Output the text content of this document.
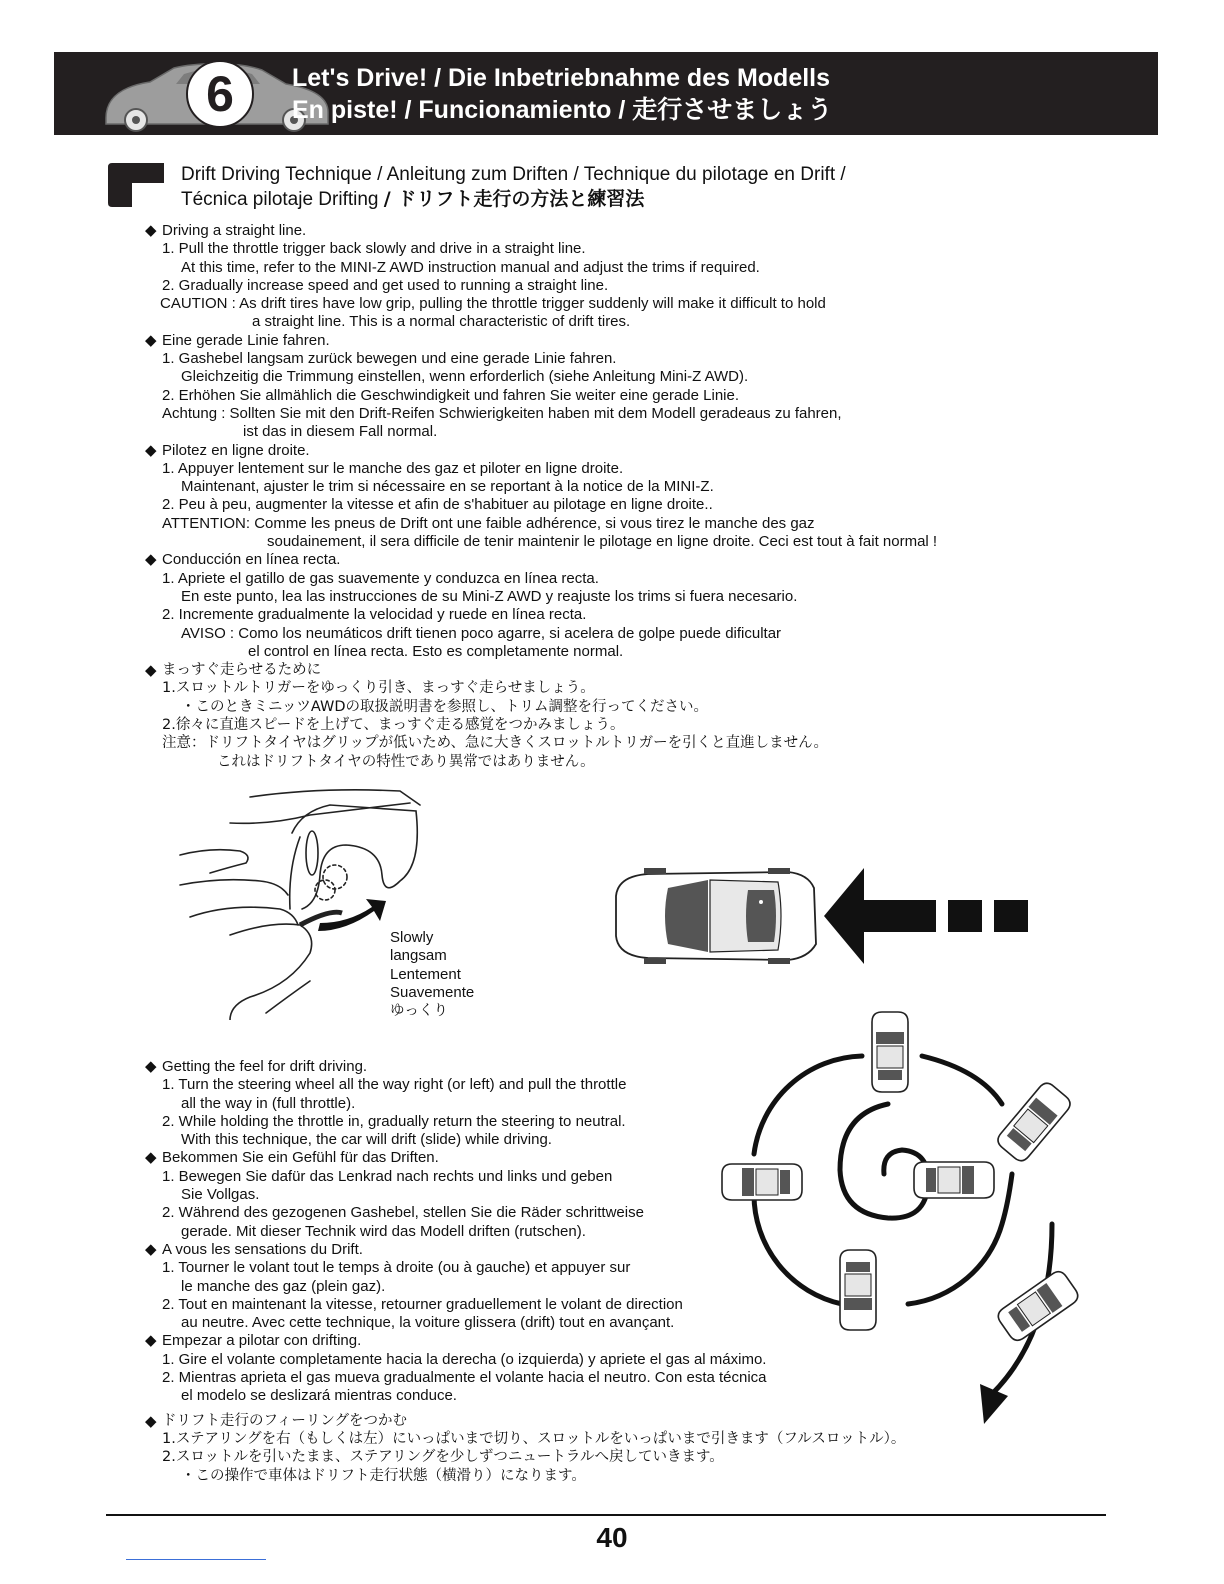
6 Let's Drive! / Die Inbetriebnahme des Modells
En piste! / Funcionamiento / 走行させましょう
Drift Driving Technique / Anleitung zum Driften / Technique du pilotage en Drift /
Técnica pilotaje Drifting / ドリフト走行の方法と練習法
◆ Driving a straight line.
1. Pull the throttle trigger back slowly and drive in a straight line.
At this time, refer to the MINI-Z AWD instruction manual and adjust the trims if required.
2. Gradually increase speed and get used to running a straight line.
CAUTION : As drift tires have low grip, pulling the throttle trigger suddenly will make it difficult to hold
a straight line. This is a normal characteristic of drift tires.
◆ Eine gerade Linie fahren.
1. Gashebel langsam zurück bewegen und eine gerade Linie fahren.
Gleichzeitig die Trimmung einstellen, wenn erforderlich (siehe Anleitung Mini-Z AWD).
2. Erhöhen Sie allmählich die Geschwindigkeit und fahren Sie weiter eine gerade Linie.
Achtung : Sollten Sie mit den Drift-Reifen Schwierigkeiten haben mit dem Modell geradeaus zu fahren,
ist das in diesem Fall normal.
◆ Pilotez en ligne droite.
1. Appuyer lentement sur le manche des gaz et piloter en ligne droite.
Maintenant, ajuster le trim si nécessaire en se reportant à la notice de la MINI-Z.
2. Peu à peu, augmenter la vitesse et afin de s'habituer au pilotage en ligne droite..
ATTENTION: Comme les pneus de Drift ont une faible adhérence, si vous tirez le manche des gaz
soudainement, il sera difficile de tenir maintenir le pilotage en ligne droite. Ceci est tout à fait normal !
◆ Conducción en línea recta.
1. Apriete el gatillo de gas suavemente y conduzca en línea recta.
En este punto, lea las instrucciones de su Mini-Z AWD y reajuste los trims si fuera necesario.
2. Incremente gradualmente la velocidad y ruede en línea recta.
AVISO : Como los neumáticos drift tienen poco agarre, si acelera de golpe puede dificultar
el control en línea recta. Esto es completamente normal.
◆ まっすぐ走らせるために
1.スロットルトリガーをゆっくり引き、まっすぐ走らせましょう。
・このときミニッツAWDの取扱説明書を参照し、トリム調整を行ってください。
2.徐々に直進スピードを上げて、まっすぐ走る感覚をつかみましょう。
注意：ドリフトタイヤはグリップが低いため、急に大きくスロットルトリガーを引くと直進しません。
これはドリフトタイヤの特性であり異常ではありません。
Slowly
langsam
Lentement
Suavemente
ゆっくり
◆ Getting the feel for drift driving.
1. Turn the steering wheel all the way right (or left) and pull the throttle
all the way in (full throttle).
2. While holding the throttle in, gradually return the steering to neutral.
With this technique, the car will drift (slide) while driving.
◆ Bekommen Sie ein Gefühl für das Driften.
1. Bewegen Sie dafür das Lenkrad nach rechts und links und geben
Sie Vollgas.
2. Während des gezogenen Gashebel, stellen Sie die Räder schrittweise
gerade. Mit dieser Technik wird das Modell driften (rutschen).
◆ A vous les sensations du Drift.
1. Tourner le volant tout le temps à droite (ou à gauche) et appuyer sur
le manche des gaz (plein gaz).
2. Tout en maintenant la vitesse, retourner graduellement le volant de direction
au neutre. Avec cette technique, la voiture glissera (drift) tout en avançant.
◆ Empezar a pilotar con drifting.
1. Gire el volante completamente hacia la derecha (o izquierda) y apriete el gas al máximo.
2. Mientras aprieta el gas mueva gradualmente el volante hacia el neutro. Con esta técnica
el modelo se deslizará mientras conduce.
◆ ドリフト走行のフィーリングをつかむ
1.ステアリングを右（もしくは左）にいっぱいまで切り、スロットルをいっぱいまで引きます（フルスロットル）。
2.スロットルを引いたまま、ステアリングを少しずつニュートラルへ戻していきます。
・この操作で車体はドリフト走行状態（横滑り）になります。
40
